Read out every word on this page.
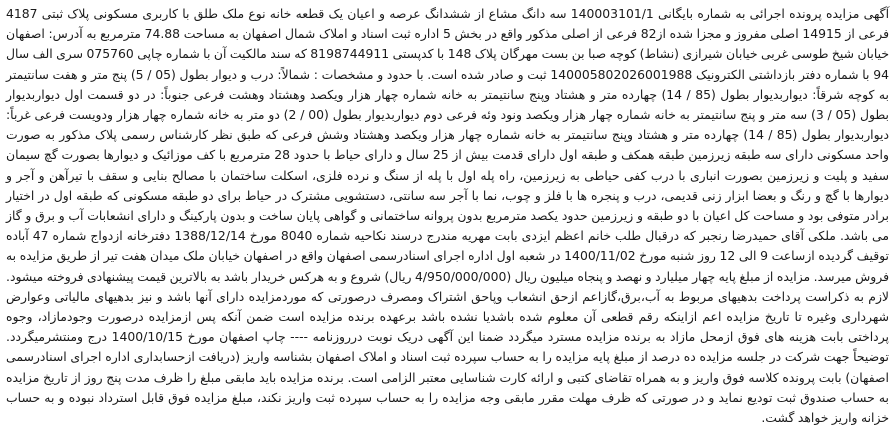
آگهی مزایده پرونده اجرائی به شماره بایگانی 140003101/1 سه دانگ مشاع از ششدانگ عرصه و اعیان یک قطعه خانه نوع ملک طلق با کاربری مسکونی پلاک ثبتی 4187 فرعی از 14915 اصلی مفروز و مجزا شده از82 فرعی از اصلی مذکور واقع در بخش 5 اداره ثبت اسناد و املاک شمال اصفهان به مساحت 74.88 مترمربع به آدرس: اصفهان خیابان شیخ طوسی غربی خیابان شیرازی (نشاط) کوچه صبا بن بست مهرگان پلاک 148 با کدپستی 8198744911 که سند مالکیت آن با شماره چاپی 075760 سری الف سال 94 با شماره دفتر بازداشتی الکترونیک 140005802026001988 ثبت و صادر شده است. با حدود و مشخصات : شمالاً: درب و دیوار بطول (05 / 5) پنج متر و هفت سانتیمتر به کوچه شرقاً: دیواربدیوار بطول (85 / 14) چهارده متر و هشتاد وپنج سانتیمتر به خانه شماره چهار هزار ویکصد وهشتاد وهشت فرعی جنوباً: در دو قسمت اول دیواربدیوار بطول (05 / 3) سه متر و پنج سانتیمتر به خانه شماره چهار هزار ویکصد ونود وئه فرعی دوم دیواربدیوار بطول (00 / 2) دو متر به خانه شماره چهار هزار ودویست فرعی غرباً: دیواربدیوار بطول (85 / 14) چهارده متر و هشتاد وپنج سانتیمتر به خانه شماره چهار هزار ویکصد وهشتاد وشش فرعی که طبق نظر کارشناس رسمی پلاک مذکور به صورت واحد مسکونی دارای سه طبقه زیرزمین طبقه همکف و طبقه اول دارای قدمت بیش از 25 سال و دارای حیاط با حدود 28 مترمربع با کف موزائیک و دیوارها بصورت گچ سیمان سفید و پلیت و زیرزمین بصورت انباری با درب کفی حیاطی به زیرزمین، راه پله اول با پله از سنگ و نرده فلزی، اسکلت ساختمان با مصالح بنایی و سقف با تیرآهن و آجر و دیوارها با گچ و رنگ و بعضا ابزار زنی قدیمی، درب و پنجره ها با فلز و چوب، نما با آجر سه سانتی، دستشویی مشترک در حیاط برای دو طبقه مسکونی که طبقه اول در اختیار برادر متوفی بود و مساحت کل اعیان با دو طبقه و زیرزمین حدود یکصد مترمربع بدون پروانه ساختمانی و گواهی پایان ساخت و بدون پارکینگ و دارای انشعابات آب و برق و گاز می باشد. ملکی آقای حمیدرضا رنجبر که درقبال طلب خانم اعظم ایزدی بابت مهریه مندرج درسند نکاحیه شماره 8040 مورخ 1388/12/14 دفترخانه ازدواج شماره 47 آباده توقیف گردیده ازساعت 9 الی 12 روز شنبه مورخ 1400/11/02 در شعبه اول اداره اجرای اسنادرسمی اصفهان واقع در اصفهان خیابان ملک میدان هفت تیر از طریق مزایده به فروش میرسد. مزایده از مبلغ پایه چهار میلیارد و نهصد و پنجاه میلیون ریال (4/950/000/000 ریال) شروع و به هرکس خریدار باشد به بالاترین قیمت پیشنهادی فروخته میشود. لازم به ذکراست پرداخت بدهیهای مربوط به آب،برق،گازاعم ازحق انشعاب وپاحق اشتراک ومصرف درصورتی که موردمزایده دارای آنها باشد و نیز بدهیهای مالیاتی وعوارض شهرداری وغیره تا تاریخ مزایده اعم ازاینکه رقم قطعی آن معلوم شده باشدیا نشده باشد برعهده برنده مزایده است ضمن آنکه پس ازمزایده درصورت وجودمازاد، وجوه پرداختی بابت هزینه های فوق ازمحل مازاد به برنده مزایده مسترد میگردد ضمنا این آگهی دریک نوبت درروزنامه ---- چاپ اصفهان مورخ 1400/10/15 درج ومنتشرمیگردد. توضیحاً جهت شرکت در جلسه مزایده ده درصد از مبلغ پایه مزایده را به حساب سپرده ثبت اسناد و املاک اصفهان بشناسه واریز (دریافت ازحسابداری اداره اجرای اسنادرسمی اصفهان) بابت پرونده کلاسه فوق واریز و به همراه تقاضای کتبی و ارائه کارت شناسایی معتبر الزامی است. برنده مزایده باید مابقی مبلغ را ظرف مدت پنج روز از تاریخ مزایده به حساب صندوق ثبت تودیع نماید و در صورتی که ظرف مهلت مقرر مابقی وجه مزایده را به حساب سپرده ثبت واریز نکند، مبلغ مزایده فوق قابل استرداد نبوده و به حساب خزانه واریز خواهد گشت.
